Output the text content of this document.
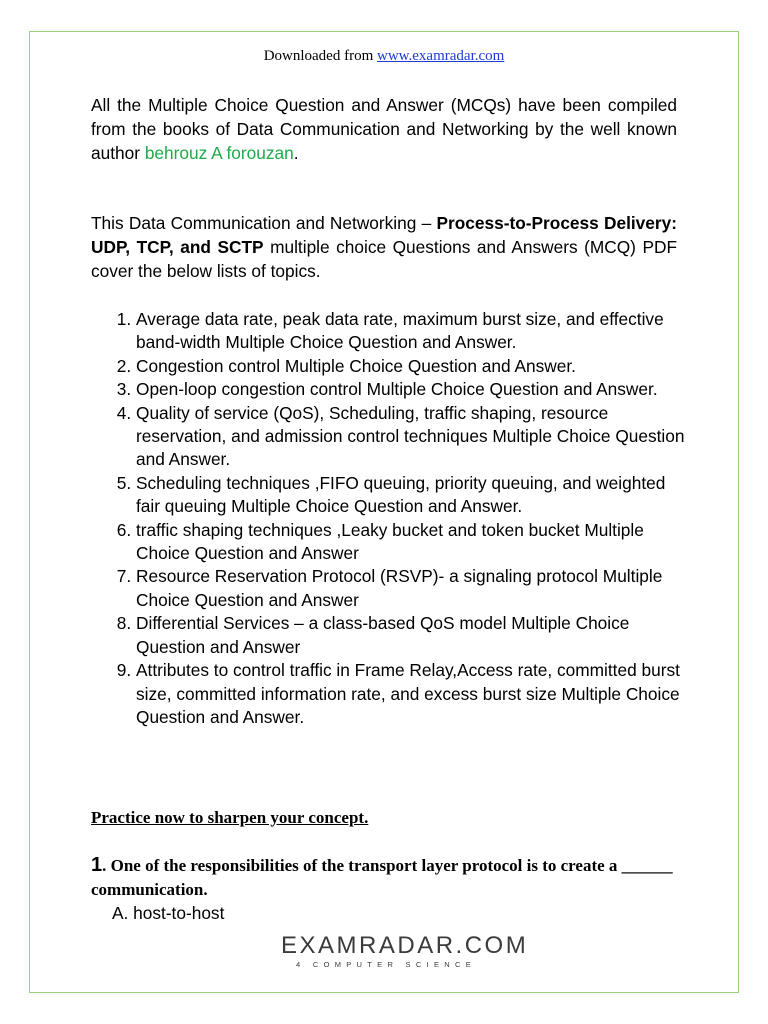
Downloaded from www.examradar.com

All the Multiple Choice Question and Answer (MCQs) have been compiled from the books of Data Communication and Networking by the well known author behrouz A forouzan.

This Data Communication and Networking – Process-to-Process Delivery: UDP, TCP, and SCTP multiple choice Questions and Answers (MCQ) PDF cover the below lists of topics.

1. Average data rate, peak data rate, maximum burst size, and effective band-width Multiple Choice Question and Answer.
2. Congestion control Multiple Choice Question and Answer.
3. Open-loop congestion control Multiple Choice Question and Answer.
4. Quality of service (QoS), Scheduling, traffic shaping, resource reservation, and admission control techniques Multiple Choice Question and Answer.
5. Scheduling techniques ,FIFO queuing, priority queuing, and weighted fair queuing Multiple Choice Question and Answer.
6. traffic shaping techniques ,Leaky bucket and token bucket Multiple Choice Question and Answer
7. Resource Reservation Protocol (RSVP)- a signaling protocol Multiple Choice Question and Answer
8. Differential Services – a class-based QoS model Multiple Choice Question and Answer
9. Attributes to control traffic in Frame Relay,Access rate, committed burst size, committed information rate, and excess burst size Multiple Choice Question and Answer.

Practice now to sharpen your concept.

1. One of the responsibilities of the transport layer protocol is to create a ______ communication.

A. host-to-host

EXAMRADAR.COM
4 COMPUTER SCIENCE
